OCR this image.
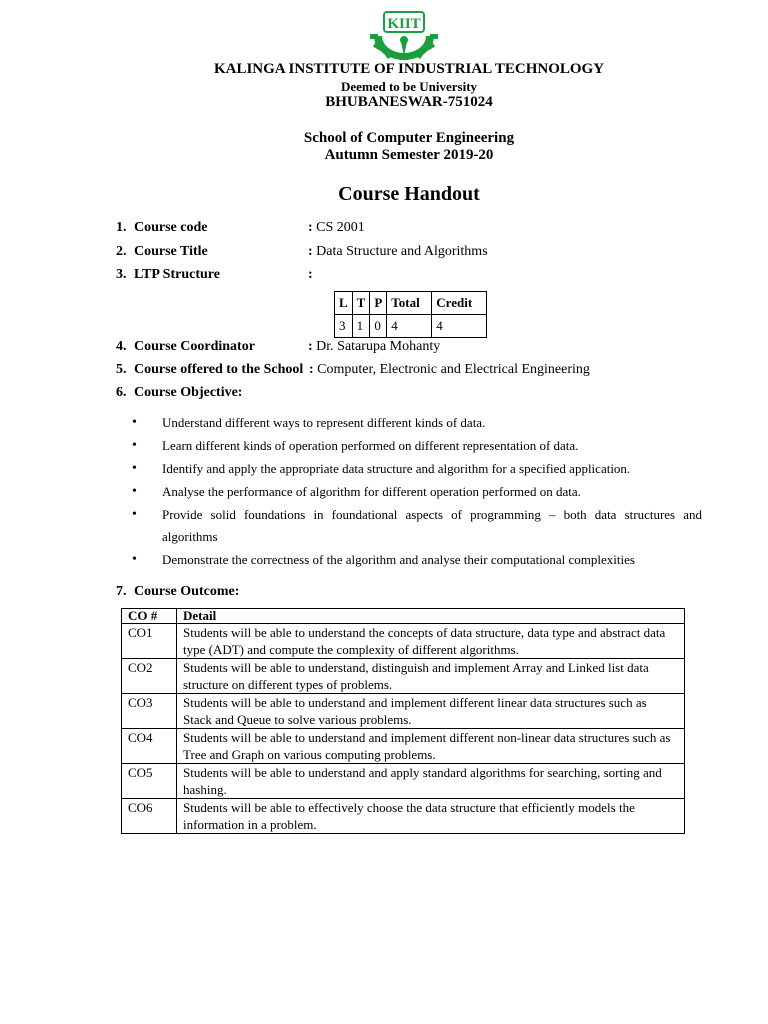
KIIT
KALINGA INSTITUTE OF INDUSTRIAL TECHNOLOGY
Deemed to be University
BHUBANESWAR-751024
School of Computer Engineering
Autumn Semester 2019-20
Course Handout
1. Course code	: CS 2001
2. Course Title	: Data Structure and Algorithms
3. LTP Structure	:
L	T	P	Total	Credit
3	1	0	4	4
4. Course Coordinator	: Dr. Satarupa Mohanty
5. Course offered to the School : Computer, Electronic and Electrical Engineering
6. Course Objective:
• Understand different ways to represent different kinds of data.
• Learn different kinds of operation performed on different representation of data.
• Identify and apply the appropriate data structure and algorithm for a specified application.
• Analyse the performance of algorithm for different operation performed on data.
• Provide solid foundations in foundational aspects of programming – both data structures and algorithms
• Demonstrate the correctness of the algorithm and analyse their computational complexities
7. Course Outcome:
CO #	Detail
CO1	Students will be able to understand the concepts of data structure, data type and abstract data type (ADT) and compute the complexity of different algorithms.
CO2	Students will be able to understand, distinguish and implement Array and Linked list data structure on different types of problems.
CO3	Students will be able to understand and implement different linear data structures such as Stack and Queue to solve various problems.
CO4	Students will be able to understand and implement different non-linear data structures such as Tree and Graph on various computing problems.
CO5	Students will be able to understand and apply standard algorithms for searching, sorting and hashing.
CO6	Students will be able to effectively choose the data structure that efficiently models the information in a problem.
